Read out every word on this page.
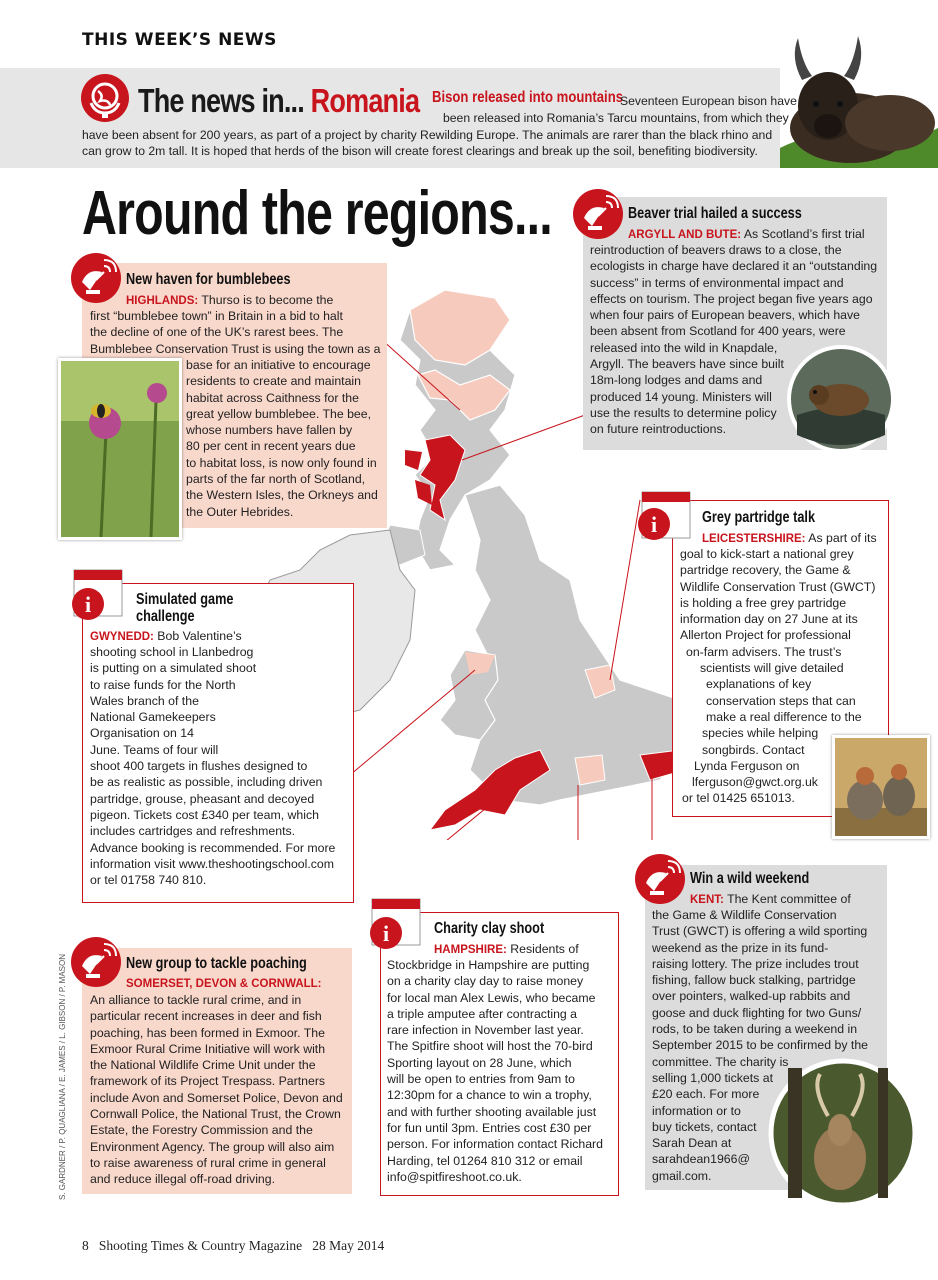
THIS WEEK’S NEWS
The news in... Romania Bison released into mountains
Seventeen European bison have
been released into Romania’s Tarcu mountains, from which they
have been absent for 200 years, as part of a project by charity Rewilding Europe. The animals are rarer than the black rhino and can grow to 2m tall. It is hoped that herds of the bison will create forest clearings and break up the soil, benefiting biodiversity.
Around the regions...
New haven for bumblebees
HIGHLANDS: Thurso is to become the
first “bumblebee town” in Britain in a bid to halt
the decline of one of the UK’s rarest bees. The
Bumblebee Conservation Trust is using the town as a
base for an initiative to encourage
residents to create and maintain
habitat across Caithness for the
great yellow bumblebee. The bee,
whose numbers have fallen by
80 per cent in recent years due
to habitat loss, is now only found in
parts of the far north of Scotland,
the Western Isles, the Orkneys and
the Outer Hebrides.
Beaver trial hailed a success
ARGYLL AND BUTE: As Scotland’s first trial
reintroduction of beavers draws to a close, the
ecologists in charge have declared it an “outstanding
success” in terms of environmental impact and
effects on tourism. The project began five years ago
when four pairs of European beavers, which have
been absent from Scotland for 400 years, were
released into the wild in Knapdale,
Argyll. The beavers have since built
18m-long lodges and dams and
produced 14 young. Ministers will
use the results to determine policy
on future reintroductions.
i	Grey partridge talk
LEICESTERSHIRE: As part of its
goal to kick-start a national grey
partridge recovery, the Game &
Wildlife Conservation Trust (GWCT)
is holding a free grey partridge
information day on 27 June at its
Allerton Project for professional
on-farm advisers. The trust’s
scientists will give detailed
explanations of key
conservation steps that can
make a real difference to the
species while helping
songbirds. Contact
Lynda Ferguson on
lferguson@gwct.org.uk
or tel 01425 651013.
i	Simulated game
challenge
GWYNEDD: Bob Valentine’s
shooting school in Llanbedrog
is putting on a simulated shoot
to raise funds for the North
Wales branch of the
National Gamekeepers
Organisation on 14
June. Teams of four will
shoot 400 targets in flushes designed to
be as realistic as possible, including driven
partridge, grouse, pheasant and decoyed
pigeon. Tickets cost £340 per team, which
includes cartridges and refreshments.
Advance booking is recommended. For more
information visit www.theshootingschool.com
or tel 01758 740 810.	Win a wild weekend
KENT: The Kent committee of
the Game & Wildlife Conservation
Trust (GWCT) is offering a wild sporting
weekend as the prize in its fund-
raising lottery. The prize includes trout
fishing, fallow buck stalking, partridge
over pointers, walked-up rabbits and
goose and duck flighting for two Guns/
rods, to be taken during a weekend in
September 2015 to be confirmed by the
committee. The charity is
selling 1,000 tickets at
£20 each. For more
information or to
buy tickets, contact
Sarah Dean at
sarahdean1966@
gmail.com.
i	Charity clay shoot
HAMPSHIRE: Residents of
Stockbridge in Hampshire are putting
on a charity clay day to raise money
for local man Alex Lewis, who became
a triple amputee after contracting a
rare infection in November last year.
The Spitfire shoot will host the 70-bird
Sporting layout on 28 June, which
will be open to entries from 9am to
12:30pm for a chance to win a trophy,
and with further shooting available just
for fun until 3pm. Entries cost £30 per
person. For information contact Richard
Harding, tel 01264 810 312 or email
info@spitfireshoot.co.uk.
New group to tackle poaching
SOMERSET, DEVON & CORNWALL:
An alliance to tackle rural crime, and in
particular recent increases in deer and fish
poaching, has been formed in Exmoor. The
Exmoor Rural Crime Initiative will work with
the National Wildlife Crime Unit under the
framework of its Project Trespass. Partners
include Avon and Somerset Police, Devon and
Cornwall Police, the National Trust, the Crown
Estate, the Forestry Commission and the
Environment Agency. The group will also aim
to raise awareness of rural crime in general
and reduce illegal off-road driving.
S. GARDNER / P. QUAGLIANA / E. JAMES / L. GIBSON / P. MASON
8 Shooting Times & Country Magazine 28 May 2014
